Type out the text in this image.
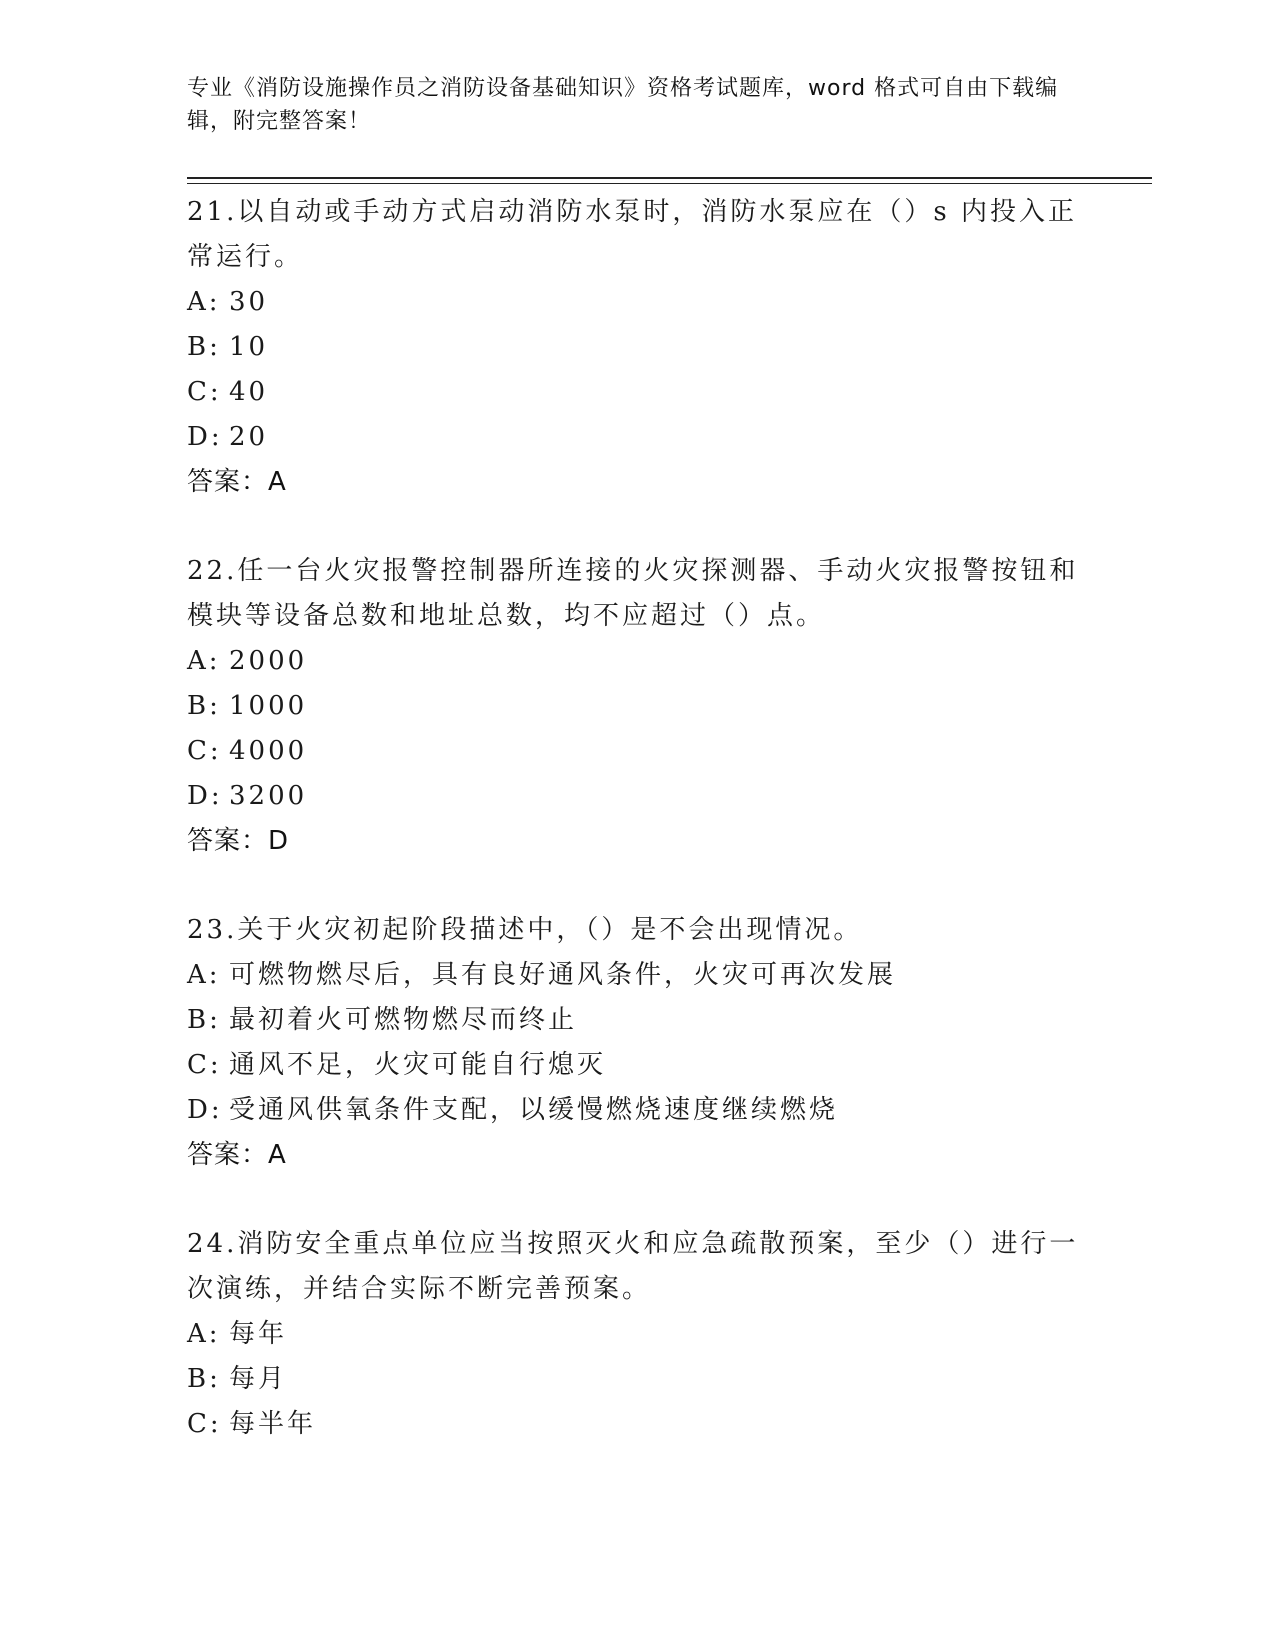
专业《消防设施操作员之消防设备基础知识》资格考试题库，word 格式可自由下载编辑，附完整答案！

21.以自动或手动方式启动消防水泵时，消防水泵应在（）s 内投入正常运行。

A: 30

B: 10

C: 40

D: 20

答案：A

22.任一台火灾报警控制器所连接的火灾探测器、手动火灾报警按钮和模块等设备总数和地址总数，均不应超过（）点。

A: 2000

B: 1000

C: 4000

D: 3200

答案：D

23.关于火灾初起阶段描述中，（）是不会出现情况。

A: 可燃物燃尽后，具有良好通风条件，火灾可再次发展

B: 最初着火可燃物燃尽而终止

C: 通风不足，火灾可能自行熄灭

D: 受通风供氧条件支配，以缓慢燃烧速度继续燃烧

答案：A

24.消防安全重点单位应当按照灭火和应急疏散预案，至少（）进行一次演练，并结合实际不断完善预案。

A: 每年

B: 每月

C: 每半年
